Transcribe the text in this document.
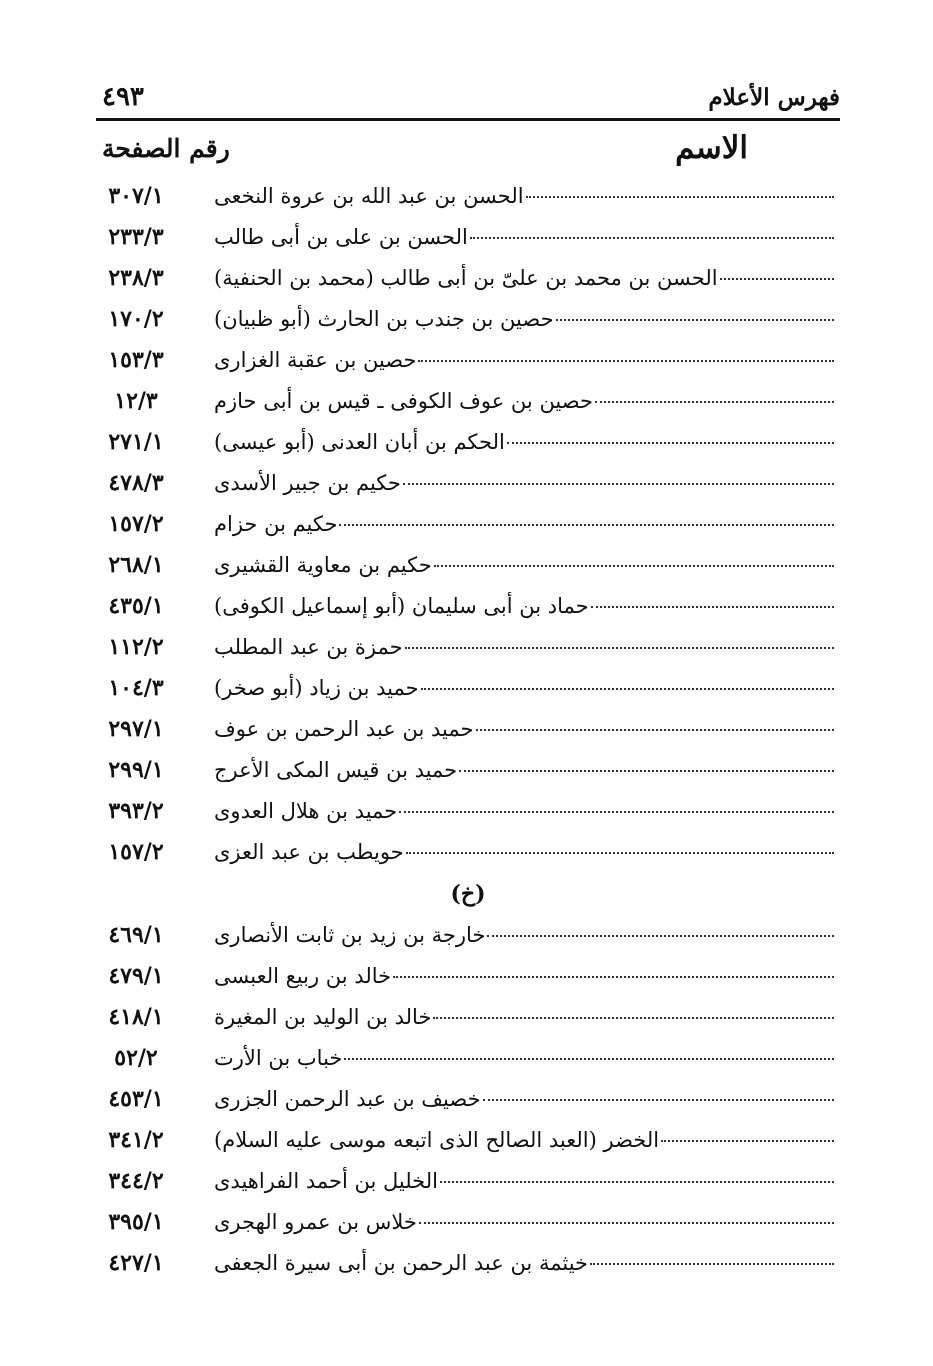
فهرس الأعلام
٤٩٣
الاسم
رقم الصفحة
الحسن بن عبد الله بن عروة النخعى
٣٠٧/١
الحسن بن على بن أبى طالب
٢٣٣/٣
الحسن بن محمد بن علىّ بن أبى طالب (محمد بن الحنفية)
٢٣٨/٣
حصين بن جندب بن الحارث (أبو ظبيان)
١٧٠/٢
حصين بن عقبة الغزارى
١٥٣/٣
حصين بن عوف الكوفى ـ قيس بن أبى حازم
١٢/٣
الحكم بن أبان العدنى (أبو عيسى)
٢٧١/١
حكيم بن جبير الأسدى
٤٧٨/٣
حكيم بن حزام
١٥٧/٢
حكيم بن معاوية القشيرى
٢٦٨/١
حماد بن أبى سليمان (أبو إسماعيل الكوفى)
٤٣٥/١
حمزة بن عبد المطلب
١١٢/٢
حميد بن زياد (أبو صخر)
١٠٤/٣
حميد بن عبد الرحمن بن عوف
٢٩٧/١
حميد بن قيس المكى الأعرج
٢٩٩/١
حميد بن هلال العدوى
٣٩٣/٢
حويطب بن عبد العزى
١٥٧/٢
(خ)
خارجة بن زيد بن ثابت الأنصارى
٤٦٩/١
خالد بن ربيع العبسى
٤٧٩/١
خالد بن الوليد بن المغيرة
٤١٨/١
خباب بن الأرت
٥٢/٢
خصيف بن عبد الرحمن الجزرى
٤٥٣/١
الخضر (العبد الصالح الذى اتبعه موسى عليه السلام)
٣٤١/٢
الخليل بن أحمد الفراهيدى
٣٤٤/٢
خلاس بن عمرو الهجرى
٣٩٥/١
خيثمة بن عبد الرحمن بن أبى سيرة الجعفى
٤٢٧/١
